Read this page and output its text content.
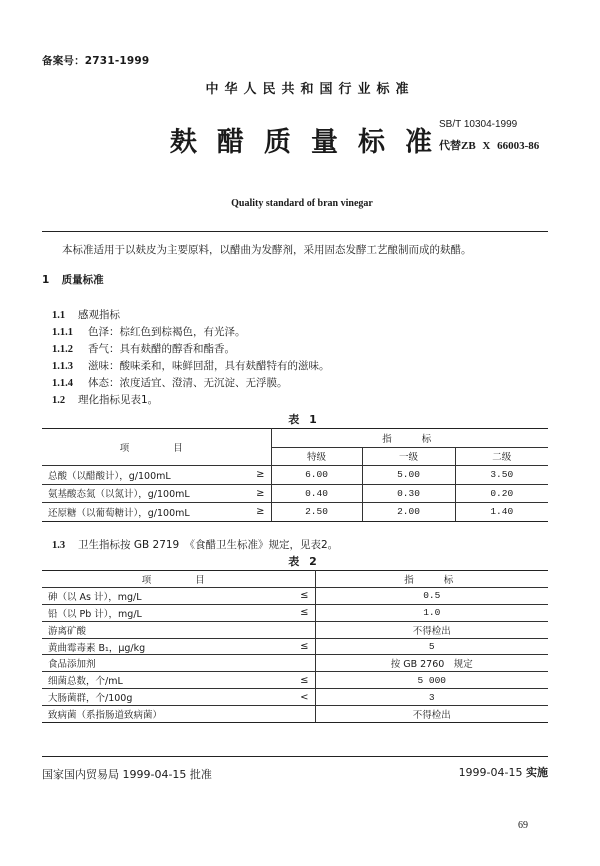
备案号：2731-1999
中华人民共和国行业标准
麸醋质量标准
SB/T 10304-1999
代替ZB X 66003-86
Quality standard of bran vinegar
本标准适用于以麸皮为主要原料，以醋曲为发酵剂，采用固态发酵工艺酿制而成的麸醋。
1 质量标准
1.1 感观指标
1.1.1 色泽：棕红色到棕褐色，有光泽。
1.1.2 香气：具有麸醋的醇香和酯香。
1.1.3 滋味：酸味柔和，味鲜回甜，具有麸醋特有的滋味。
1.1.4 体态：浓度适宜、澄清、无沉淀、无浮膜。
1.2 理化指标见表1。
表 1
项目		指标		
		特级	一级	二级
总酸（以醋酸计），g/100mL	≥	6.00	5.00	3.50
氨基酸态氮（以氮计），g/100mL	≥	0.40	0.30	0.20
还原糖（以葡萄糖计），g/100mL	≥	2.50	2.00	1.40
1.3 卫生指标按 GB 2719　《食醋卫生标准》规定，见表2。
表 2
项目		指标
砷（以 As 计），mg/L	≤	0.5
铅（以 Pb 计），mg/L	≤	1.0
游离矿酸		不得检出
黄曲霉毒素 B₁，μg/kg	≤	5
食品添加剂		按 GB 2760　规定
细菌总数，个/mL	≤	5 000
大肠菌群，个/100g	<	3
致病菌（系指肠道致病菌）		不得检出
国家国内贸易局 1999-04-15 批准	1999-04-15 实施
69
